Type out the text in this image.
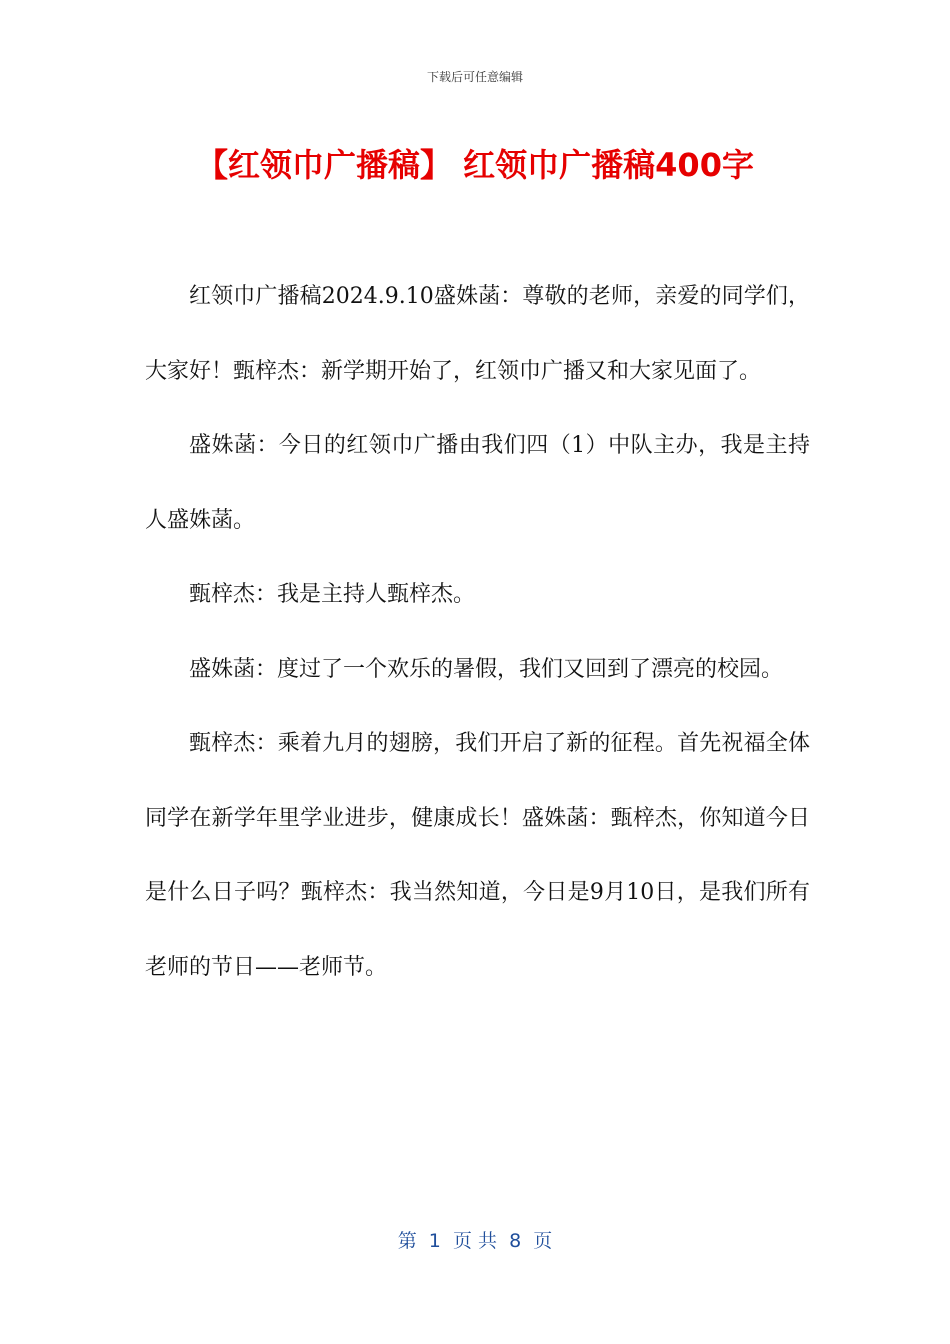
下载后可任意编辑
【红领巾广播稿】 红领巾广播稿400字

红领巾广播稿2024.9.10盛姝菡：尊敬的老师，亲爱的同学们，大家好！甄梓杰：新学期开始了，红领巾广播又和大家见面了。

盛姝菡：今日的红领巾广播由我们四（1）中队主办，我是主持人盛姝菡。

甄梓杰：我是主持人甄梓杰。

盛姝菡：度过了一个欢乐的暑假，我们又回到了漂亮的校园。

甄梓杰：乘着九月的翅膀，我们开启了新的征程。首先祝福全体同学在新学年里学业进步，健康成长！盛姝菡：甄梓杰，你知道今日是什么日子吗？甄梓杰：我当然知道，今日是9月10日，是我们所有老师的节日——老师节。

第  1  页 共  8  页
